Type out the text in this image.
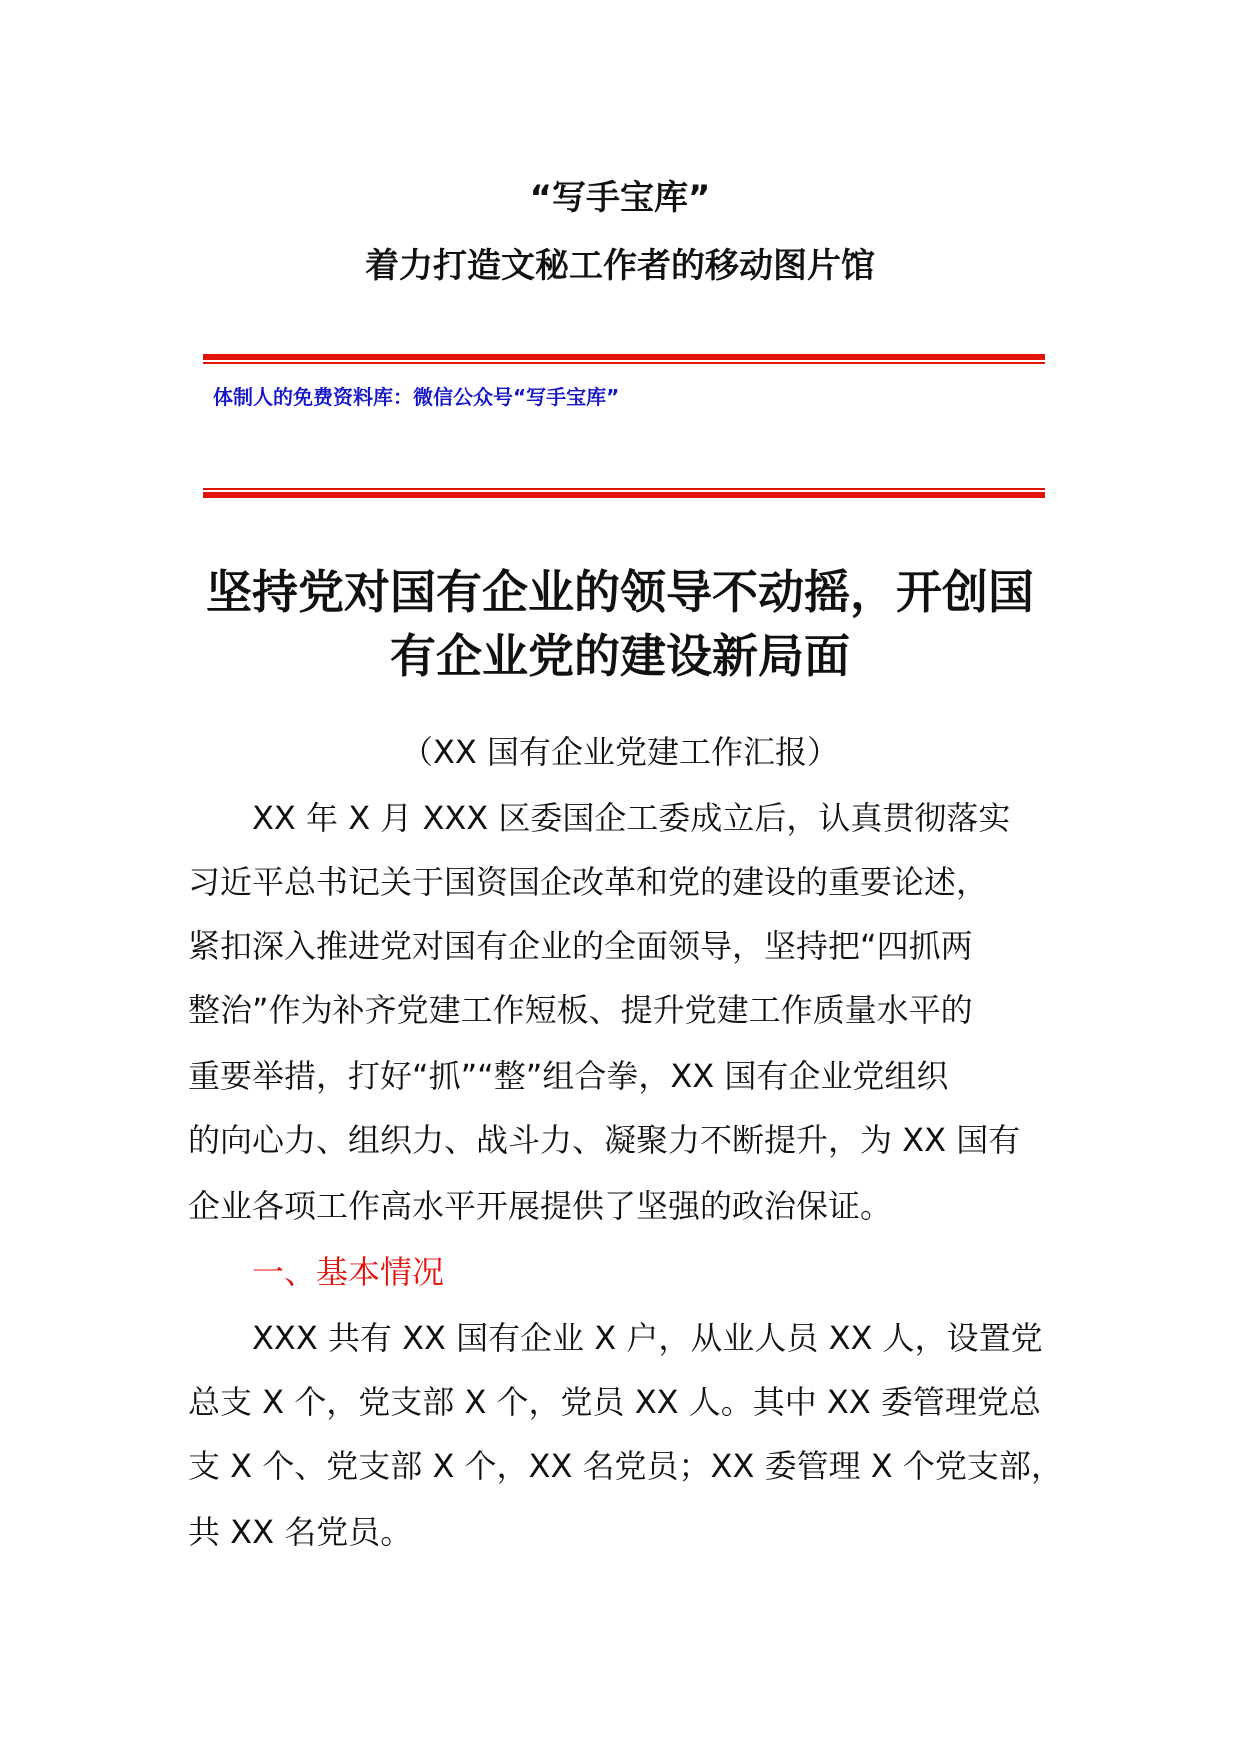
“写手宝库”
着力打造文秘工作者的移动图片馆
体制人的免费资料库：微信公众号“写手宝库”
坚持党对国有企业的领导不动摇，开创国
有企业党的建设新局面
（XX 国有企业党建工作汇报）
XX 年 X 月 XXX 区委国企工委成立后，认真贯彻落实
习近平总书记关于国资国企改革和党的建设的重要论述，
紧扣深入推进党对国有企业的全面领导，坚持把“四抓两
整治”作为补齐党建工作短板、提升党建工作质量水平的
重要举措，打好“抓”“整”组合拳，XX 国有企业党组织
的向心力、组织力、战斗力、凝聚力不断提升，为 XX 国有
企业各项工作高水平开展提供了坚强的政治保证。
一、基本情况
XXX 共有 XX 国有企业 X 户，从业人员 XX 人，设置党
总支 X 个，党支部 X 个，党员 XX 人。其中 XX 委管理党总
支 X 个、党支部 X 个，XX 名党员；XX 委管理 X 个党支部，
共 XX 名党员。
